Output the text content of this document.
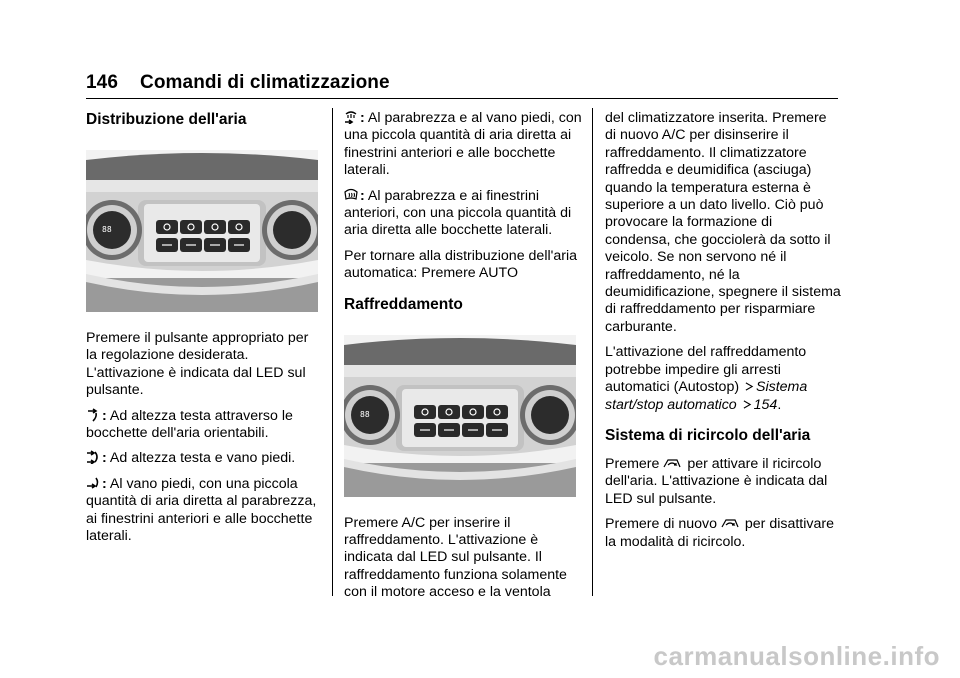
146 Comandi di climatizzazione
Distribuzione dell'aria
88

Premere il pulsante appropriato per la regolazione desiderata. L'attivazione è indicata dal LED sul pulsante.

: Ad altezza testa attraverso le bocchette dell'aria orientabili.

: Ad altezza testa e vano piedi.

: Al vano piedi, con una piccola quantità di aria diretta al parabrezza, ai finestrini anteriori e alle bocchette laterali.

: Al parabrezza e al vano piedi, con una piccola quantità di aria diretta ai finestrini anteriori e alle bocchette laterali.

: Al parabrezza e ai finestrini anteriori, con una piccola quantità di aria diretta alle bocchette laterali.

Per tornare alla distribuzione dell'aria automatica: Premere AUTO

Raffreddamento
88

Premere A/C per inserire il raffreddamento. L'attivazione è indicata dal LED sul pulsante. Il raffreddamento funziona solamente con il motore acceso e la ventola

del climatizzatore inserita. Premere di nuovo A/C per disinserire il raffreddamento. Il climatizzatore raffredda e deumidifica (asciuga) quando la temperatura esterna è superiore a un dato livello. Ciò può provocare la formazione di condensa, che gocciolerà da sotto il veicolo. Se non servono né il raffreddamento, né la deumidificazione, spegnere il sistema di raffreddamento per risparmiare carburante.

L'attivazione del raffreddamento potrebbe impedire gli arresti automatici (Autostop) Sistema start/stop automatico 154.

Sistema di ricircolo dell'aria

Premere per attivare il ricircolo dell'aria. L'attivazione è indicata dal LED sul pulsante.

Premere di nuovo per disattivare la modalità di ricircolo.

carmanualsonline.info
